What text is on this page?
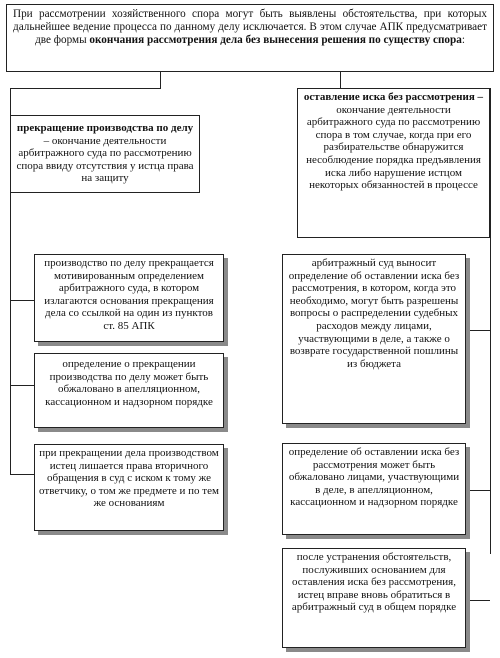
При рассмотрении хозяйственного спора могут быть выявлены обстоятельства, при которых дальнейшее ведение процесса по данному делу исключается. В этом случае АПК предусматривает две формы окончания рассмотрения дела без вынесения решения по существу спора:
прекращение производства по делу – окончание деятельности арбитражного суда по рассмотрению спора ввиду отсутствия у истца права на защиту
оставление иска без рассмотрения – окончание деятельности арбитражного суда по рассмотрению спора в том случае, когда при его разбирательстве обнаружится несоблюдение порядка предъявления иска либо нарушение истцом некоторых обязанностей в процессе
производство по делу прекращается мотивированным определением арбитражного суда, в котором излагаются основания прекращения дела со ссылкой на один из пунктов ст. 85 АПК
определение о прекращении производства по делу может быть обжаловано в апелляционном, кассационном и надзорном порядке
при прекращении дела производством истец лишается права вторичного обращения в суд с иском к тому же ответчику, о том же предмете и по тем же основаниям
арбитражный суд выносит определение об оставлении иска без рассмотрения, в котором, когда это необходимо, могут быть разрешены вопросы о распределении судебных расходов между лицами, участвующими в деле, а также о возврате государственной пошлины из бюджета
определение об оставлении иска без рассмотрения может быть обжаловано лицами, участвующими в деле, в апелляционном, кассационном и надзорном порядке
после устранения обстоятельств, послуживших основанием для оставления иска без рассмотрения, истец вправе вновь обратиться в арбитражный суд в общем порядке
